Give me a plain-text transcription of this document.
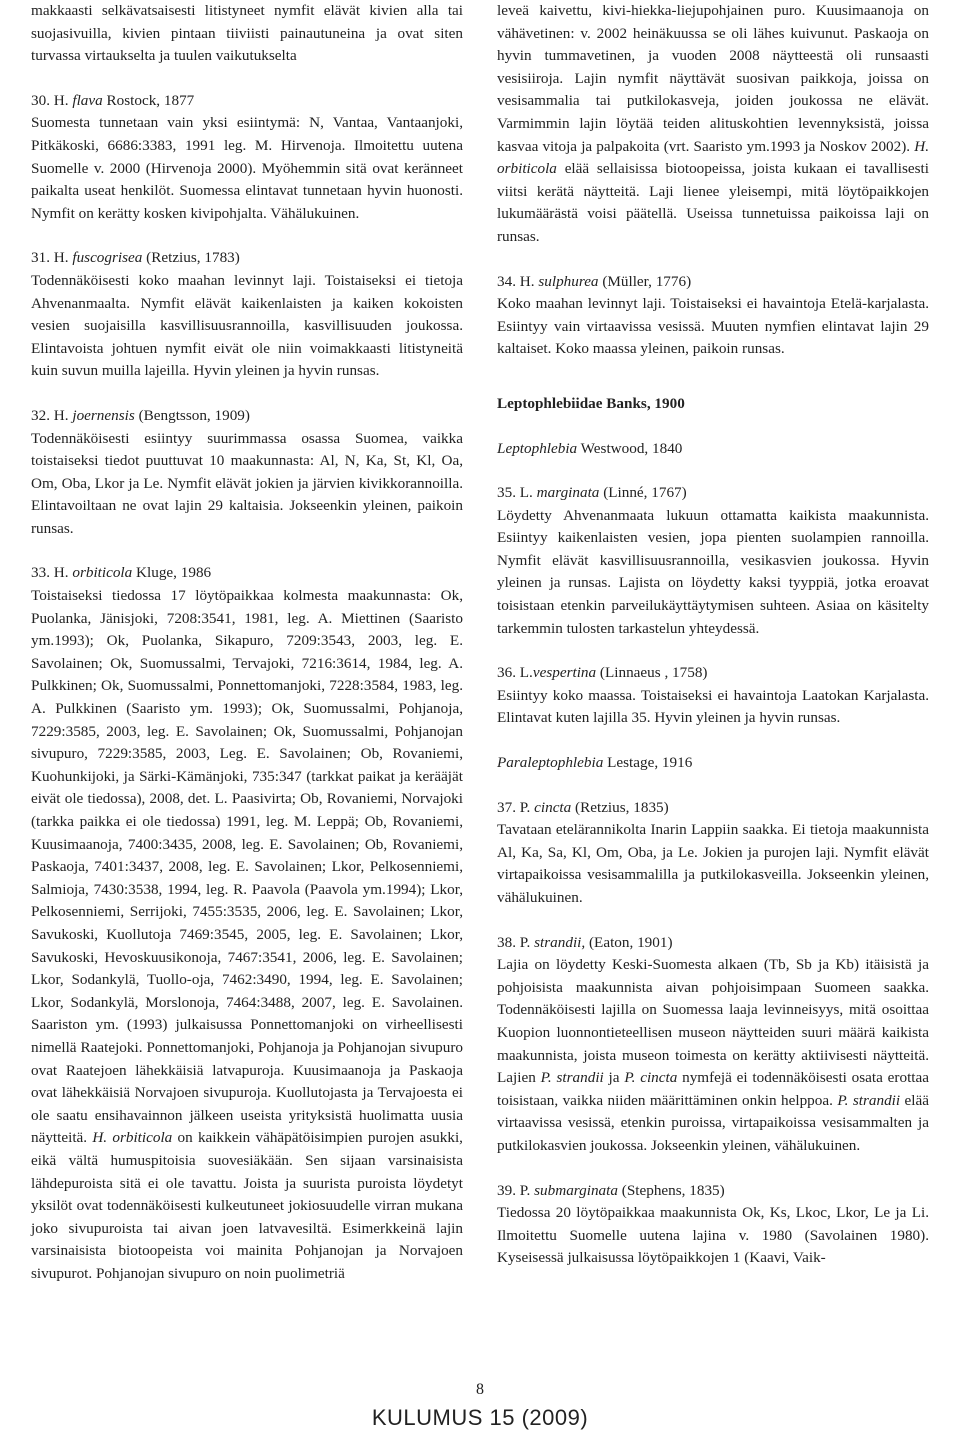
makkaasti selkävatsaisesti litistyneet nymfit elävät kivien alla tai suojasivuilla, kivien pintaan tiiviisti painautuneina ja ovat siten turvassa virtaukselta ja tuulen vaikutukselta

30. H. flava Rostock, 1877
Suomesta tunnetaan vain yksi esiintymä: N, Vantaa, Vantaanjoki, Pitkäkoski, 6686:3383, 1991 leg. M. Hirvenoja. Ilmoitettu uutena Suomelle v. 2000 (Hirvenoja 2000). Myöhemmin sitä ovat keränneet paikalta useat henkilöt. Suomessa elintavat tunnetaan hyvin huonosti. Nymfit on kerätty kosken kivipohjalta. Vähälukuinen.

31. H. fuscogrisea (Retzius, 1783)
Todennäköisesti koko maahan levinnyt laji. Toistaiseksi ei tietoja Ahvenanmaalta. Nymfit elävät kaikenlaisten ja kaiken kokoisten vesien suojaisilla kasvillisuusrannoilla, kasvillisuuden joukossa. Elintavoista johtuen nymfit eivät ole niin voimakkaasti litistyneitä kuin suvun muilla lajeilla. Hyvin yleinen ja hyvin runsas.

32. H. joernensis (Bengtsson, 1909)
Todennäköisesti esiintyy suurimmassa osassa Suomea, vaikka toistaiseksi tiedot puuttuvat 10 maakunnasta: Al, N, Ka, St, Kl, Oa, Om, Oba, Lkor ja Le. Nymfit elävät jokien ja järvien kivikkorannoilla. Elintavoiltaan ne ovat lajin 29 kaltaisia. Jokseenkin yleinen, paikoin runsas.

33. H. orbiticola Kluge, 1986
Toistaiseksi tiedossa 17 löytöpaikkaa kolmesta maakunnasta: Ok, Puolanka, Jänisjoki, 7208:3541, 1981, leg. A. Miettinen (Saaristo ym.1993); Ok, Puolanka, Sikapuro, 7209:3543, 2003, leg. E. Savolainen; Ok, Suomussalmi, Tervajoki, 7216:3614, 1984, leg. A. Pulkkinen; Ok, Suomussalmi, Ponnettomanjoki, 7228:3584, 1983, leg. A. Pulkkinen (Saaristo ym. 1993); Ok, Suomussalmi, Pohjanoja, 7229:3585, 2003, leg. E. Savolainen; Ok, Suomussalmi, Pohjanojan sivupuro, 7229:3585, 2003, Leg. E. Savolainen; Ob, Rovaniemi, Kuohunkijoki, ja Särki-Kämänjoki, 735:347 (tarkkat paikat ja kerääjät eivät ole tiedossa), 2008, det. L. Paasivirta; Ob, Rovaniemi, Norvajoki (tarkka paikka ei ole tiedossa) 1991, leg. M. Leppä; Ob, Rovaniemi, Kuusimaanoja, 7400:3435, 2008, leg. E. Savolainen; Ob, Rovaniemi, Paskaoja, 7401:3437, 2008, leg. E. Savolainen; Lkor, Pelkosenniemi, Salmioja, 7430:3538, 1994, leg. R. Paavola (Paavola ym.1994); Lkor, Pelkosenniemi, Serrijoki, 7455:3535, 2006, leg. E. Savolainen; Lkor, Savukoski, Kuollutoja 7469:3545, 2005, leg. E. Savolainen; Lkor, Savukoski, Hevoskuusikonoja, 7467:3541, 2006, leg. E. Savolainen; Lkor, Sodankylä, Tuollo-oja, 7462:3490, 1994, leg. E. Savolainen; Lkor, Sodankylä, Morslonoja, 7464:3488, 2007, leg. E. Savolainen. Saariston ym. (1993) julkaisussa Ponnettomanjoki on virheellisesti nimellä Raatejoki. Ponnettomanjoki, Pohjanoja ja Pohjanojan sivupuro ovat Raatejoen lähekkäisiä latvapuroja. Kuusimaanoja ja Paskaoja ovat lähekkäisiä Norvajoen sivupuroja. Kuollutojasta ja Tervajoesta ei ole saatu ensihavainnon jälkeen useista yrityksistä huolimatta uusia näytteitä. H. orbiticola on kaikkein vähäpätöisimpien purojen asukki, eikä vältä humuspitoisia suovesiäkään. Sen sijaan varsinaisista lähdepuroista sitä ei ole tavattu. Joista ja suurista puroista löydetyt yksilöt ovat todennäköisesti kulkeutuneet jokiosuudelle virran mukana joko sivupuroista tai aivan joen latvavesiltä. Esimerkkeinä lajin varsinaisista biotoopeista voi mainita Pohjanojan ja Norvajoen sivupurot. Pohjanojan sivupuro on noin puolimetriä

leveä kaivettu, kivi-hiekka-liejupohjainen puro. Kuusimaanoja on vähävetinen: v. 2002 heinäkuussa se oli lähes kuivunut. Paskaoja on hyvin tummavetinen, ja vuoden 2008 näytteestä oli runsaasti vesisiiroja. Lajin nymfit näyttävät suosivan paikkoja, joissa on vesisammalia tai putkilokasveja, joiden joukossa ne elävät. Varmimmin lajin löytää teiden alituskohtien levennyksistä, joissa kasvaa vitoja ja palpakoita (vrt. Saaristo ym.1993 ja Noskov 2002). H. orbiticola elää sellaisissa biotoopeissa, joista kukaan ei tavallisesti viitsi kerätä näytteitä. Laji lienee yleisempi, mitä löytöpaikkojen lukumäärästä voisi päätellä. Useissa tunnetuissa paikoissa laji on runsas.

34. H. sulphurea (Müller, 1776)
Koko maahan levinnyt laji. Toistaiseksi ei havaintoja Etelä-karjalasta. Esiintyy vain virtaavissa vesissä. Muuten nymfien elintavat lajin 29 kaltaiset. Koko maassa yleinen, paikoin runsas.

Leptophlebiidae Banks, 1900

Leptophlebia Westwood, 1840

35. L. marginata (Linné, 1767)
Löydetty Ahvenanmaata lukuun ottamatta kaikista maakunnista. Esiintyy kaikenlaisten vesien, jopa pienten suolampien rannoilla. Nymfit elävät kasvillisuusrannoilla, vesikasvien joukossa. Hyvin yleinen ja runsas. Lajista on löydetty kaksi tyyppiä, jotka eroavat toisistaan etenkin parveilukäyttäytymisen suhteen. Asiaa on käsitelty tarkemmin tulosten tarkastelun yhteydessä.

36. L.vespertina (Linnaeus , 1758)
Esiintyy koko maassa. Toistaiseksi ei havaintoja Laatokan Karjalasta. Elintavat kuten lajilla 35. Hyvin yleinen ja hyvin runsas.

Paraleptophlebia Lestage, 1916

37. P. cincta (Retzius, 1835)
Tavataan etelärannikolta Inarin Lappiin saakka. Ei tietoja maakunnista Al, Ka, Sa, Kl, Om, Oba, ja Le. Jokien ja purojen laji. Nymfit elävät virtapaikoissa vesisammalilla ja putkilokasveilla. Jokseenkin yleinen, vähälukuinen.

38. P. strandii, (Eaton, 1901)
Lajia on löydetty Keski-Suomesta alkaen (Tb, Sb ja Kb) itäisistä ja pohjoisista maakunnista aivan pohjoisimpaan Suomeen saakka. Todennäköisesti lajilla on Suomessa laaja levinneisyys, mitä osoittaa Kuopion luonnontieteellisen museon näytteiden suuri määrä kaikista maakunnista, joista museon toimesta on kerätty aktiivisesti näytteitä. Lajien P. strandii ja P. cincta nymfejä ei todennäköisesti osata erottaa toisistaan, vaikka niiden määrittäminen onkin helppoa. P. strandii elää virtaavissa vesissä, etenkin puroissa, virtapaikoissa vesisammalten ja putkilokasvien joukossa. Jokseenkin yleinen, vähälukuinen.

39. P. submarginata (Stephens, 1835)
Tiedossa 20 löytöpaikkaa maakunnista Ok, Ks, Lkoc, Lkor, Le ja Li. Ilmoitettu Suomelle uutena lajina v. 1980 (Savolainen 1980). Kyseisessä julkaisussa löytöpaikkojen 1 (Kaavi, Vaik-

8
KULUMUS 15 (2009)
